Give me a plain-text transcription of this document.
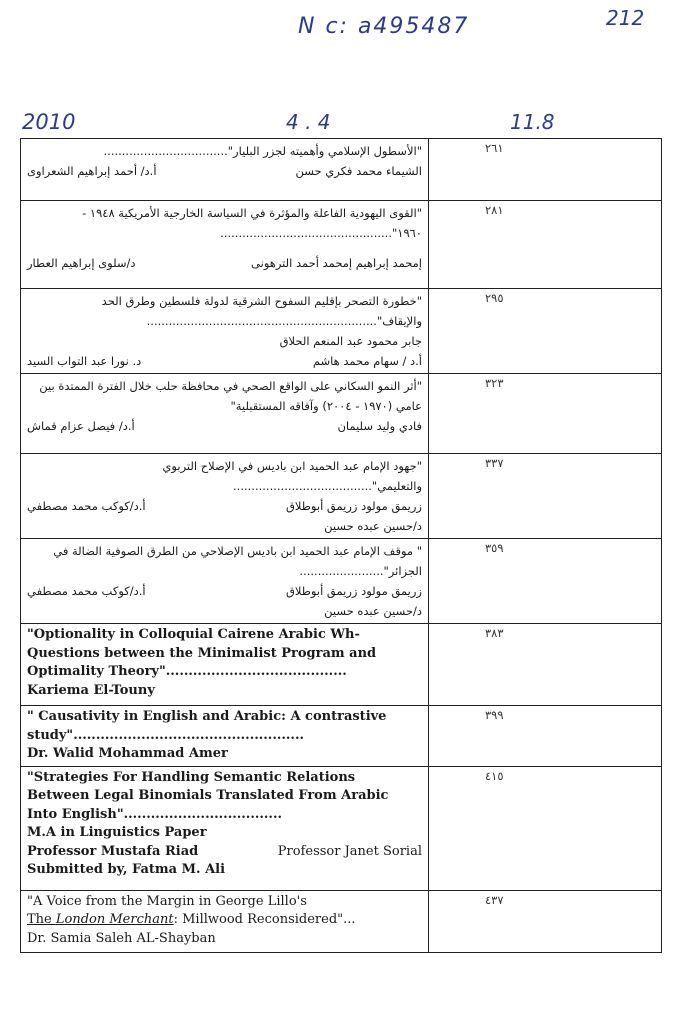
N c: a495487	212
2010	4 . 4	11.8
"الأسطول الإسلامي وأهميته لجزر البليار"..................................
الشيماء محمد فكري حسن
أ.د/ أحمد إبراهيم الشعراوى	٢٦١

"القوى اليهودية الفاعلة والمؤثرة في السياسة الخارجية الأمريكية ١٩٤٨ - ١٩٦٠"...............................................
إمحمد إبراهيم إمحمد أحمد الترهونى
د/سلوى إبراهيم العطار	٢٨١

"خطورة التصحر بإقليم السفوح الشرقية لدولة فلسطين وطرق الحد والإيقاف"...............................................................
جابر محمود عبد المنعم الحلاق
أ.د / سهام محمد هاشم
د. نورا عبد التواب السيد	٢٩٥

"أثر النمو السكاني على الواقع الصحي في محافظة حلب خلال الفترة الممتدة بين عامي (١٩٧٠ - ٢٠٠٤) وآفاقه المستقبلية"
فادي وليد سليمان
أ.د/ فيصل عزام قماش	٣٢٣

"جهود الإمام عبد الحميد ابن باديس في الإصلاح التربوي والتعليمي"......................................
زريمق مولود زريمق أبوطلاق
أ.د/كوكب محمد مصطفي
د/حسين عبده حسين	٣٣٧

" موقف الإمام عبد الحميد ابن باديس الإصلاحي من الطرق الصوفية الضالة في الجزائر".......................
زريمق مولود زريمق أبوطلاق
أ.د/كوكب محمد مصطفي
د/حسين عبده حسين	٣٥٩

"Optionality in Colloquial Cairene Arabic Wh-Questions between the Minimalist Program and Optimality Theory"........................................
Kariema El-Touny	٣٨٣

" Causativity in English and Arabic: A contrastive study"...................................................
Dr. Walid Mohammad Amer	٣٩٩

"Strategies For Handling Semantic Relations Between Legal Binomials Translated From Arabic Into English"...................................
M.A in Linguistics Paper
Professor Mustafa Riad Professor Janet Sorial
Submitted by, Fatma M. Ali	٤١٥

"A Voice from the Margin in George Lillo's
The London Merchant: Millwood Reconsidered"...
Dr. Samia Saleh AL-Shayban	٤٣٧
